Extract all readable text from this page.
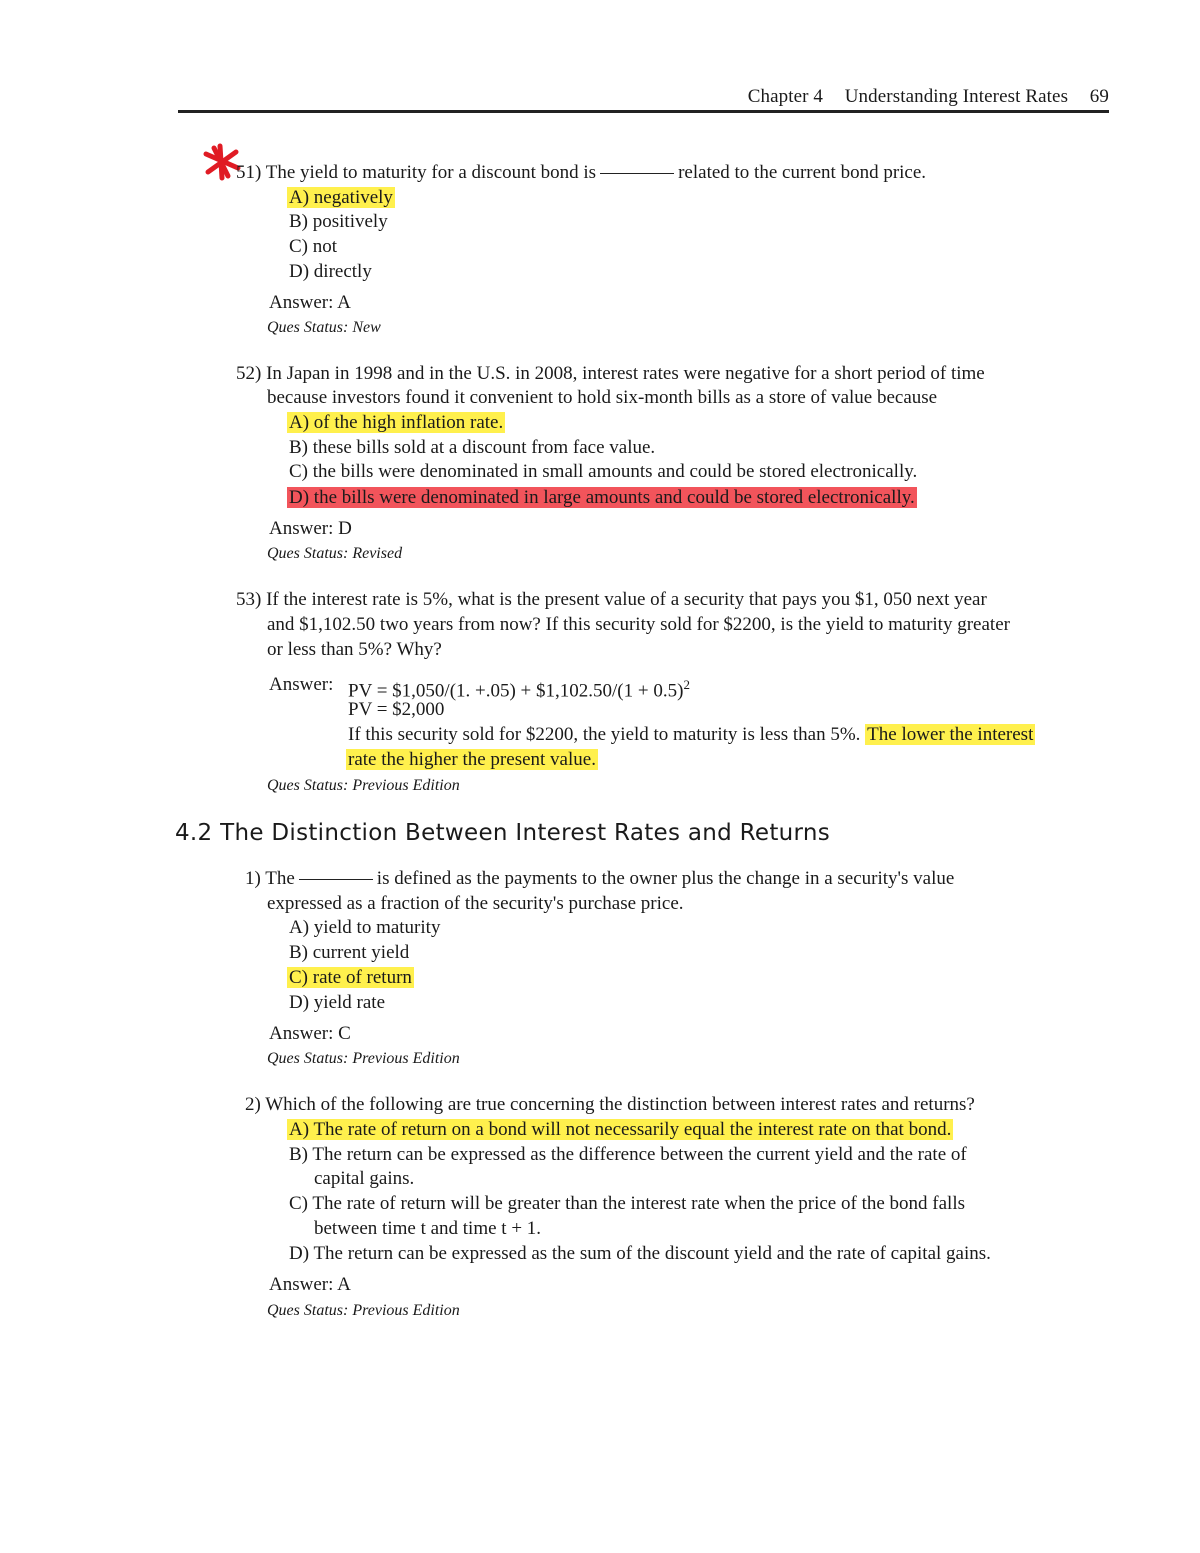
Chapter 4 Understanding Interest Rates 69
51) The yield to maturity for a discount bond is	related to the current bond price.
A) negatively
B) positively
C) not
D) directly
Answer: A
Ques Status: New
52) In Japan in 1998 and in the U.S. in 2008, interest rates were negative for a short period of time
because investors found it convenient to hold six-month bills as a store of value because
A) of the high inflation rate.
B) these bills sold at a discount from face value.
C) the bills were denominated in small amounts and could be stored electronically.
D) the bills were denominated in large amounts and could be stored electronically.
Answer: D
Ques Status: Revised
53) If the interest rate is 5%, what is the present value of a security that pays you $1, 050 next year
and $1,102.50 two years from now? If this security sold for $2200, is the yield to maturity greater
or less than 5%? Why?
Answer: PV = $1,050/(1. +.05) + $1,102.50/(1 + 0.5)$^2$
PV = $2,000
If this security sold for $2200, the yield to maturity is less than 5%. The lower the interest
rate the higher the present value.
Ques Status: Previous Edition
4.2 The Distinction Between Interest Rates and Returns
1) The	is defined as the payments to the owner plus the change in a security's value
expressed as a fraction of the security's purchase price.
A) yield to maturity
B) current yield
C) rate of return
D) yield rate
Answer: C
Ques Status: Previous Edition
2) Which of the following are true concerning the distinction between interest rates and returns?
A) The rate of return on a bond will not necessarily equal the interest rate on that bond.
B) The return can be expressed as the difference between the current yield and the rate of
capital gains.
C) The rate of return will be greater than the interest rate when the price of the bond falls
between time t and time t + 1.
D) The return can be expressed as the sum of the discount yield and the rate of capital gains.
Answer: A
Ques Status: Previous Edition
